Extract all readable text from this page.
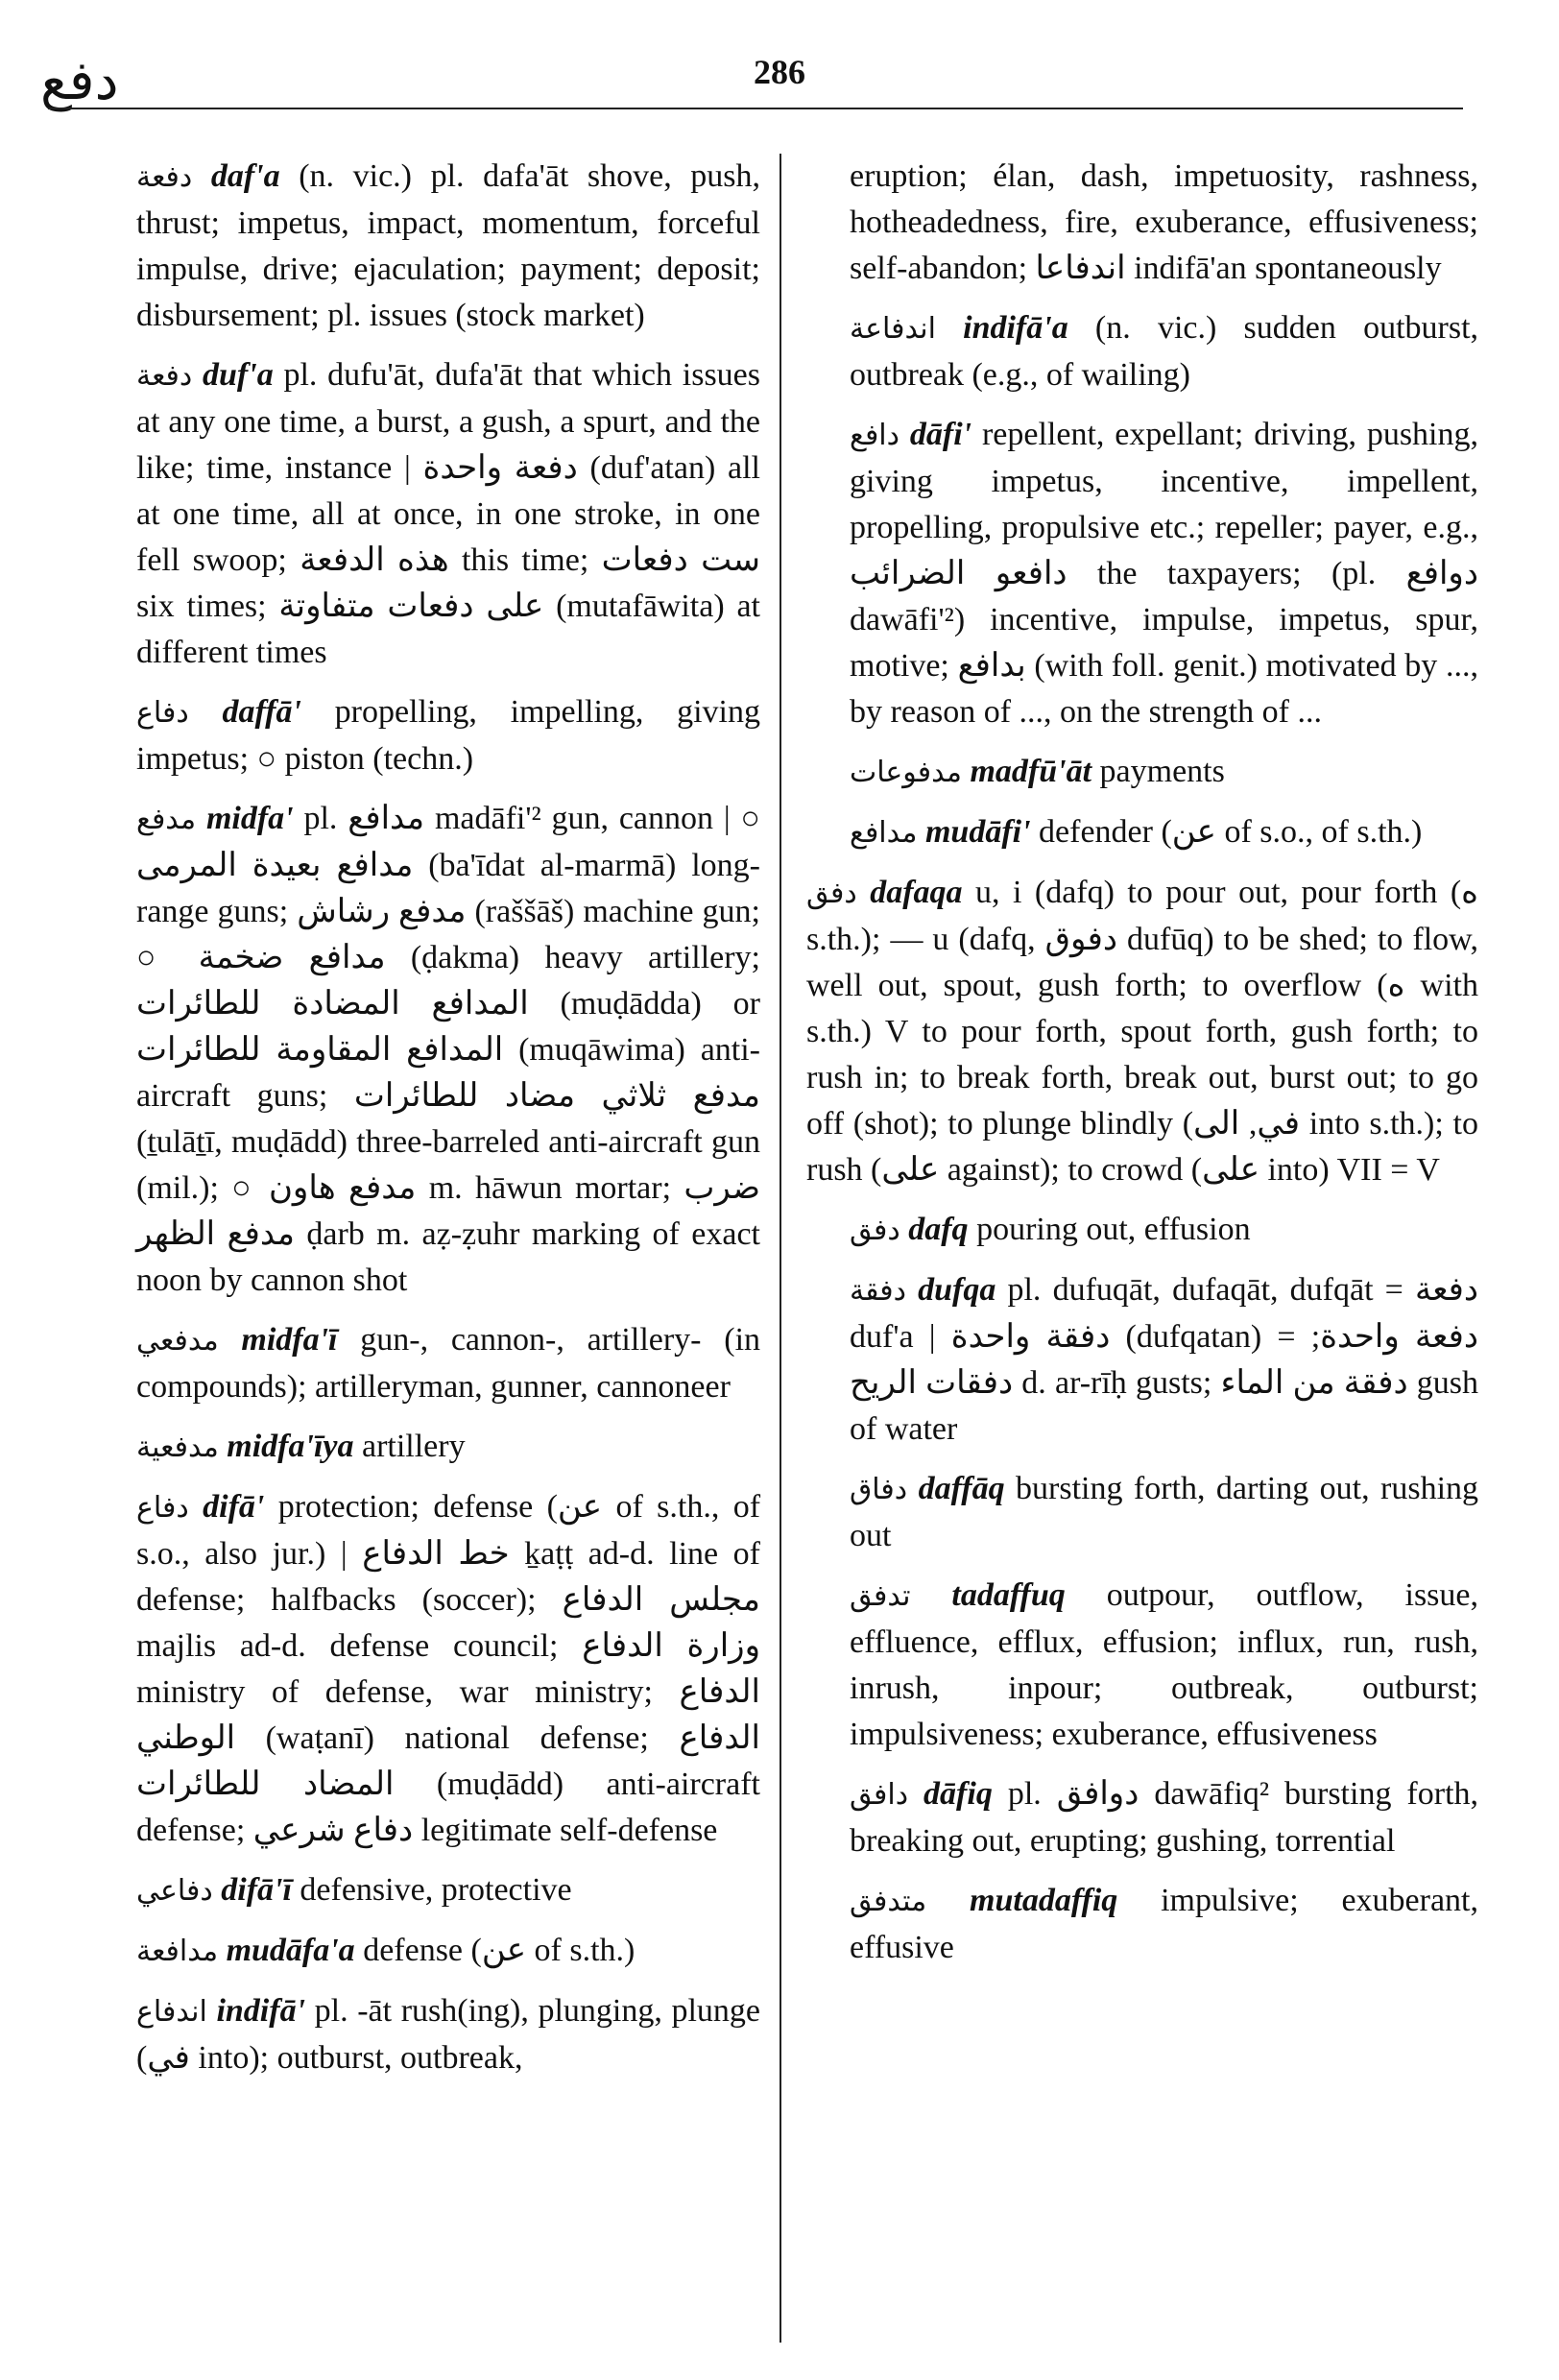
دفع	286

دفعة daf'a (n. vic.) pl. dafa'āt shove, push, thrust; impetus, impact, momentum, forceful impulse, drive; ejaculation; payment; deposit; disbursement; pl. issues (stock market)

دفعة duf'a pl. dufu'āt, dufa'āt that which issues at any one time, a burst, a gush, a spurt, and the like; time, instance | دفعة واحدة (duf'atan) all at one time, all at once, in one stroke, in one fell swoop; هذه الدفعة this time; ست دفعات six times; على دفعات متفاوتة (mutafāwita) at different times

دفاع daffā' propelling, impelling, giving impetus; ○ piston (techn.)

مدفع midfa' pl. مدافع madāfi'² gun, cannon | ○ مدافع بعيدة المرمى (ba'īdat al-marmā) long-range guns; مدفع رشاش (raššāš) machine gun; ○ مدافع ضخمة (ḍakma) heavy artillery; المدافع المضادة للطائرات (muḍādda) or المدافع المقاومة للطائرات (muqāwima) anti-aircraft guns; مدفع ثلاثي مضاد للطائرات (ṯulāṯī, muḍādd) three-barreled anti-aircraft gun (mil.); ○ مدفع هاون m. hāwun mortar; ضرب مدفع الظهر ḍarb m. aẓ-ẓuhr marking of exact noon by cannon shot

مدفعي midfa'ī gun-, cannon-, artillery- (in compounds); artilleryman, gunner, cannoneer

مدفعية midfa'īya artillery

دفاع difā' protection; defense (عن of s.th., of s.o., also jur.) | خط الدفاع ḵaṭṭ ad-d. line of defense; halfbacks (soccer); مجلس الدفاع majlis ad-d. defense council; وزارة الدفاع ministry of defense, war ministry; الدفاع الوطني (waṭanī) national defense; الدفاع المضاد للطائرات (muḍādd) anti-aircraft defense; دفاع شرعي legitimate self-defense

دفاعي difā'ī defensive, protective

مدافعة mudāfa'a defense (عن of s.th.)

اندفاع indifā' pl. -āt rush(ing), plunging, plunge (في into); outburst, outbreak,

eruption; élan, dash, impetuosity, rashness, hotheadedness, fire, exuberance, effusiveness; self-abandon; اندفاعا indifā'an spontaneously

اندفاعة indifā'a (n. vic.) sudden outburst, outbreak (e.g., of wailing)

دافع dāfi' repellent, expellant; driving, pushing, giving impetus, incentive, impellent, propelling, propulsive etc.; repeller; payer, e.g., دافعو الضرائب the taxpayers; (pl. دوافع dawāfi'²) incentive, impulse, impetus, spur, motive; بدافع (with foll. genit.) motivated by ..., by reason of ..., on the strength of ...

مدفوعات madfū'āt payments

مدافع mudāfi' defender (عن of s.o., of s.th.)

دفق dafaqa u, i (dafq) to pour out, pour forth (ه s.th.); — u (dafq, دفوق dufūq) to be shed; to flow, well out, spout, gush forth; to overflow (ه with s.th.) V to pour forth, spout forth, gush forth; to rush in; to break forth, break out, burst out; to go off (shot); to plunge blindly (في, الى into s.th.); to rush (على against); to crowd (على into) VII = V

دفق dafq pouring out, effusion

دفقة dufqa pl. dufuqāt, dufaqāt, dufqāt = دفعة duf'a | دفقة واحدة (dufqatan) = دفعة واحدة; دفقات الريح d. ar-rīḥ gusts; دفقة من الماء gush of water

دفاق daffāq bursting forth, darting out, rushing out

تدفق tadaffuq outpour, outflow, issue, effluence, efflux, effusion; influx, run, rush, inrush, inpour; outbreak, outburst; impulsiveness; exuberance, effusiveness

دافق dāfiq pl. دوافق dawāfiq² bursting forth, breaking out, erupting; gushing, torrential

متدفق mutadaffiq impulsive; exuberant, effusive
